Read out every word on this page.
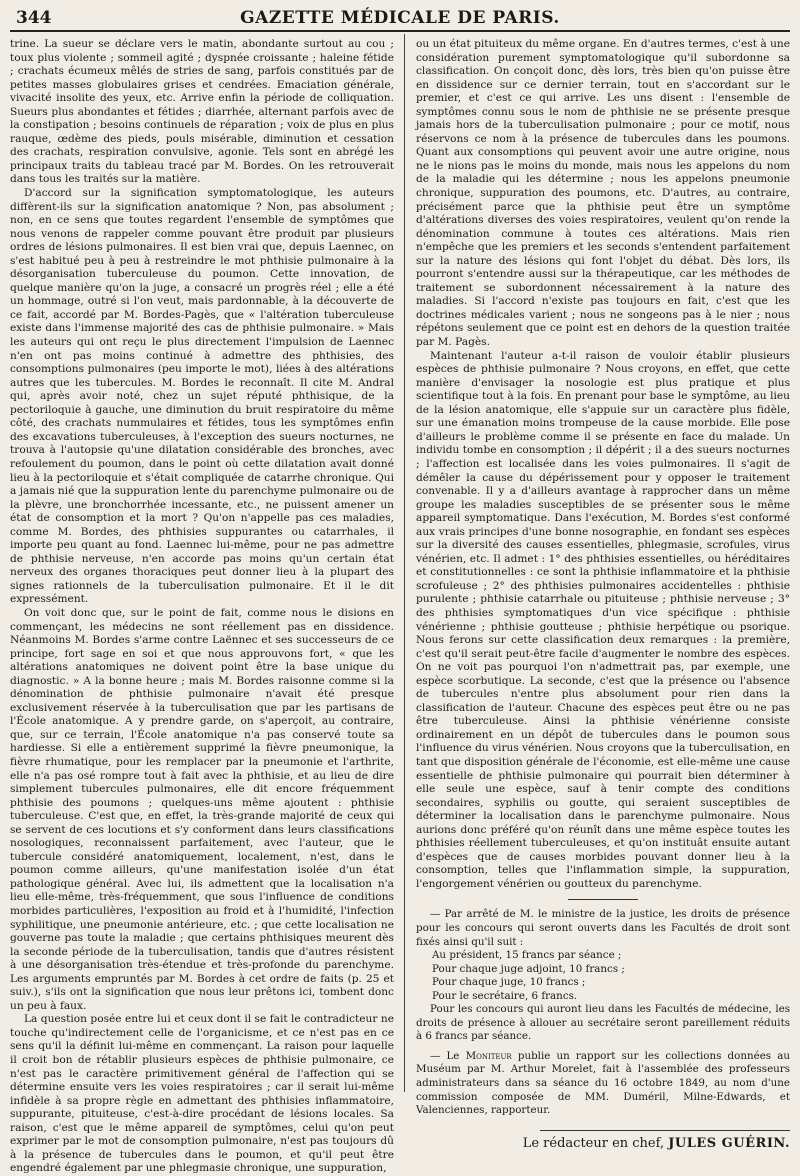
344	GAZETTE MÉDICALE DE PARIS.

trine. La sueur se déclare vers le matin, abondante surtout au cou ; toux plus violente ; sommeil agité ; dyspnée croissante ; haleine fétide ; crachats écumeux mêlés de stries de sang, parfois constitués par de petites masses globulaires grises et cendrées. Emaciation générale, vivacité insolite des yeux, etc. Arrive enfin la période de colliquation. Sueurs plus abondantes et fétides ; diarrhée, alternant parfois avec de la constipation ; besoins continuels de réparation ; voix de plus en plus rauque, œdème des pieds, pouls misérable, diminution et cessation des crachats, respiration convulsive, agonie. Tels sont en abrégé les principaux traits du tableau tracé par M. Bordes. On les retrouverait dans tous les traités sur la matière.

D'accord sur la signification symptomatologique, les auteurs diffèrent-ils sur la signification anatomique ? Non, pas absolument ; non, en ce sens que toutes regardent l'ensemble de symptômes que nous venons de rappeler comme pouvant être produit par plusieurs ordres de lésions pulmonaires. Il est bien vrai que, depuis Laennec, on s'est habitué peu à peu à restreindre le mot phthisie pulmonaire à la désorganisation tuberculeuse du poumon. Cette innovation, de quelque manière qu'on la juge, a consacré un progrès réel ; elle a été un hommage, outré si l'on veut, mais pardonnable, à la découverte de ce fait, accordé par M. Bordes-Pagès, que « l'altération tuberculeuse existe dans l'immense majorité des cas de phthisie pulmonaire. » Mais les auteurs qui ont reçu le plus directement l'impulsion de Laennec n'en ont pas moins continué à admettre des phthisies, des consomptions pulmonaires (peu importe le mot), liées à des altérations autres que les tubercules. M. Bordes le reconnaît. Il cite M. Andral qui, après avoir noté, chez un sujet réputé phthisique, de la pectoriloquie à gauche, une diminution du bruit respiratoire du même côté, des crachats nummulaires et fétides, tous les symptômes enfin des excavations tuberculeuses, à l'exception des sueurs nocturnes, ne trouva à l'autopsie qu'une dilatation considérable des bronches, avec refoulement du poumon, dans le point où cette dilatation avait donné lieu à la pectoriloquie et s'était compliquée de catarrhe chronique. Qui a jamais nié que la suppuration lente du parenchyme pulmonaire ou de la plèvre, une bronchorrhée incessante, etc., ne puissent amener un état de consomption et la mort ? Qu'on n'appelle pas ces maladies, comme M. Bordes, des phthisies suppurantes ou catarrhales, il importe peu quant au fond. Laennec lui-même, pour ne pas admettre de phthisie nerveuse, n'en accorde pas moins qu'un certain état nerveux des organes thoraciques peut donner lieu à la plupart des signes rationnels de la tuberculisation pulmonaire. Et il le dit expressément.

On voit donc que, sur le point de fait, comme nous le disions en commençant, les médecins ne sont réellement pas en dissidence. Néanmoins M. Bordes s'arme contre Laënnec et ses successeurs de ce principe, fort sage en soi et que nous approuvons fort, « que les altérations anatomiques ne doivent point être la base unique du diagnostic. » A la bonne heure ; mais M. Bordes raisonne comme si la dénomination de phthisie pulmonaire n'avait été presque exclusivement réservée à la tuberculisation que par les partisans de l'École anatomique. A y prendre garde, on s'aperçoit, au contraire, que, sur ce terrain, l'École anatomique n'a pas conservé toute sa hardiesse. Si elle a entièrement supprimé la fièvre pneumonique, la fièvre rhumatique, pour les remplacer par la pneumonie et l'arthrite, elle n'a pas osé rompre tout à fait avec la phthisie, et au lieu de dire simplement tubercules pulmonaires, elle dit encore fréquemment phthisie des poumons ; quelques-uns même ajoutent : phthisie tuberculeuse. C'est que, en effet, la très-grande majorité de ceux qui se servent de ces locutions et s'y conforment dans leurs classifications nosologiques, reconnaissent parfaitement, avec l'auteur, que le tubercule considéré anatomiquement, localement, n'est, dans le poumon comme ailleurs, qu'une manifestation isolée d'un état pathologique général. Avec lui, ils admettent que la localisation n'a lieu elle-même, très-fréquemment, que sous l'influence de conditions morbides particulières, l'exposition au froid et à l'humidité, l'infection syphilitique, une pneumonie antérieure, etc. ; que cette localisation ne gouverne pas toute la maladie ; que certains phthisiques meurent dès la seconde période de la tuberculisation, tandis que d'autres résistent à une désorganisation très-étendue et très-profonde du parenchyme. Les arguments empruntés par M. Bordes à cet ordre de faits (p. 25 et suiv.), s'ils ont la signification que nous leur prêtons ici, tombent donc un peu à faux.

La question posée entre lui et ceux dont il se fait le contradicteur ne touche qu'indirectement celle de l'organicisme, et ce n'est pas en ce sens qu'il la définit lui-même en commençant. La raison pour laquelle il croit bon de rétablir plusieurs espèces de phthisie pulmonaire, ce n'est pas le caractère primitivement général de l'affection qui se détermine ensuite vers les voies respiratoires ; car il serait lui-même infidèle à sa propre règle en admettant des phthisies inflammatoire, suppurante, pituiteuse, c'est-à-dire procédant de lésions locales. Sa raison, c'est que le même appareil de symptômes, celui qu'on peut exprimer par le mot de consomption pulmonaire, n'est pas toujours dû à la présence de tubercules dans le poumon, et qu'il peut être engendré également par une phlegmasie chronique, une suppuration,

ou un état pituiteux du même organe. En d'autres termes, c'est à une considération purement symptomatologique qu'il subordonne sa classification. On conçoit donc, dès lors, très bien qu'on puisse être en dissidence sur ce dernier terrain, tout en s'accordant sur le premier, et c'est ce qui arrive. Les uns disent : l'ensemble de symptômes connu sous le nom de phthisie ne se présente presque jamais hors de la tuberculisation pulmonaire ; pour ce motif, nous réservons ce nom à la présence de tubercules dans les poumons. Quant aux consomptions qui peuvent avoir une autre origine, nous ne le nions pas le moins du monde, mais nous les appelons du nom de la maladie qui les détermine ; nous les appelons pneumonie chronique, suppuration des poumons, etc. D'autres, au contraire, précisément parce que la phthisie peut être un symptôme d'altérations diverses des voies respiratoires, veulent qu'on rende la dénomination commune à toutes ces altérations. Mais rien n'empêche que les premiers et les seconds s'entendent parfaitement sur la nature des lésions qui font l'objet du débat. Dès lors, ils pourront s'entendre aussi sur la thérapeutique, car les méthodes de traitement se subordonnent nécessairement à la nature des maladies. Si l'accord n'existe pas toujours en fait, c'est que les doctrines médicales varient ; nous ne songeons pas à le nier ; nous répétons seulement que ce point est en dehors de la question traitée par M. Pagès.

Maintenant l'auteur a-t-il raison de vouloir établir plusieurs espèces de phthisie pulmonaire ? Nous croyons, en effet, que cette manière d'envisager la nosologie est plus pratique et plus scientifique tout à la fois. En prenant pour base le symptôme, au lieu de la lésion anatomique, elle s'appuie sur un caractère plus fidèle, sur une émanation moins trompeuse de la cause morbide. Elle pose d'ailleurs le problème comme il se présente en face du malade. Un individu tombe en consomption ; il dépérit ; il a des sueurs nocturnes ; l'affection est localisée dans les voies pulmonaires. Il s'agit de démêler la cause du dépérissement pour y opposer le traitement convenable. Il y a d'ailleurs avantage à rapprocher dans un même groupe les maladies susceptibles de se présenter sous le même appareil symptomatique. Dans l'exécution, M. Bordes s'est conformé aux vrais principes d'une bonne nosographie, en fondant ses espèces sur la diversité des causes essentielles, phlegmasie, scrofules, virus vénérien, etc. Il admet : 1° des phthisies essentielles, ou héréditaires et constitutionnelles : ce sont la phthisie inflammatoire et la phthisie scrofuleuse ; 2° des phthisies pulmonaires accidentelles : phthisie purulente ; phthisie catarrhale ou pituiteuse ; phthisie nerveuse ; 3° des phthisies symptomatiques d'un vice spécifique : phthisie vénérienne ; phthisie goutteuse ; phthisie herpétique ou psorique. Nous ferons sur cette classification deux remarques : la première, c'est qu'il serait peut-être facile d'augmenter le nombre des espèces. On ne voit pas pourquoi l'on n'admettrait pas, par exemple, une espèce scorbutique. La seconde, c'est que la présence ou l'absence de tubercules n'entre plus absolument pour rien dans la classification de l'auteur. Chacune des espèces peut être ou ne pas être tuberculeuse. Ainsi la phthisie vénérienne consiste ordinairement en un dépôt de tubercules dans le poumon sous l'influence du virus vénérien. Nous croyons que la tuberculisation, en tant que disposition générale de l'économie, est elle-même une cause essentielle de phthisie pulmonaire qui pourrait bien déterminer à elle seule une espèce, sauf à tenir compte des conditions secondaires, syphilis ou goutte, qui seraient susceptibles de déterminer la localisation dans le parenchyme pulmonaire. Nous aurions donc préféré qu'on réunît dans une même espèce toutes les phthisies réellement tuberculeuses, et qu'on instituât ensuite autant d'espèces que de causes morbides pouvant donner lieu à la consomption, telles que l'inflammation simple, la suppuration, l'engorgement vénérien ou goutteux du parenchyme.

— Par arrêté de M. le ministre de la justice, les droits de présence pour les concours qui seront ouverts dans les Facultés de droit sont fixés ainsi qu'il suit :

Au président, 15 francs par séance ;

Pour chaque juge adjoint, 10 francs ;

Pour chaque juge, 10 francs ;

Pour le secrétaire, 6 francs.

Pour les concours qui auront lieu dans les Facultés de médecine, les droits de présence à allouer au secrétaire seront pareillement réduits à 6 francs par séance.

— Le Moniteur publie un rapport sur les collections données au Muséum par M. Arthur Morelet, fait à l'assemblée des professeurs administrateurs dans sa séance du 16 octobre 1849, au nom d'une commission composée de MM. Duméril, Milne-Edwards, et Valenciennes, rapporteur.

Le rédacteur en chef, JULES GUÉRIN.
